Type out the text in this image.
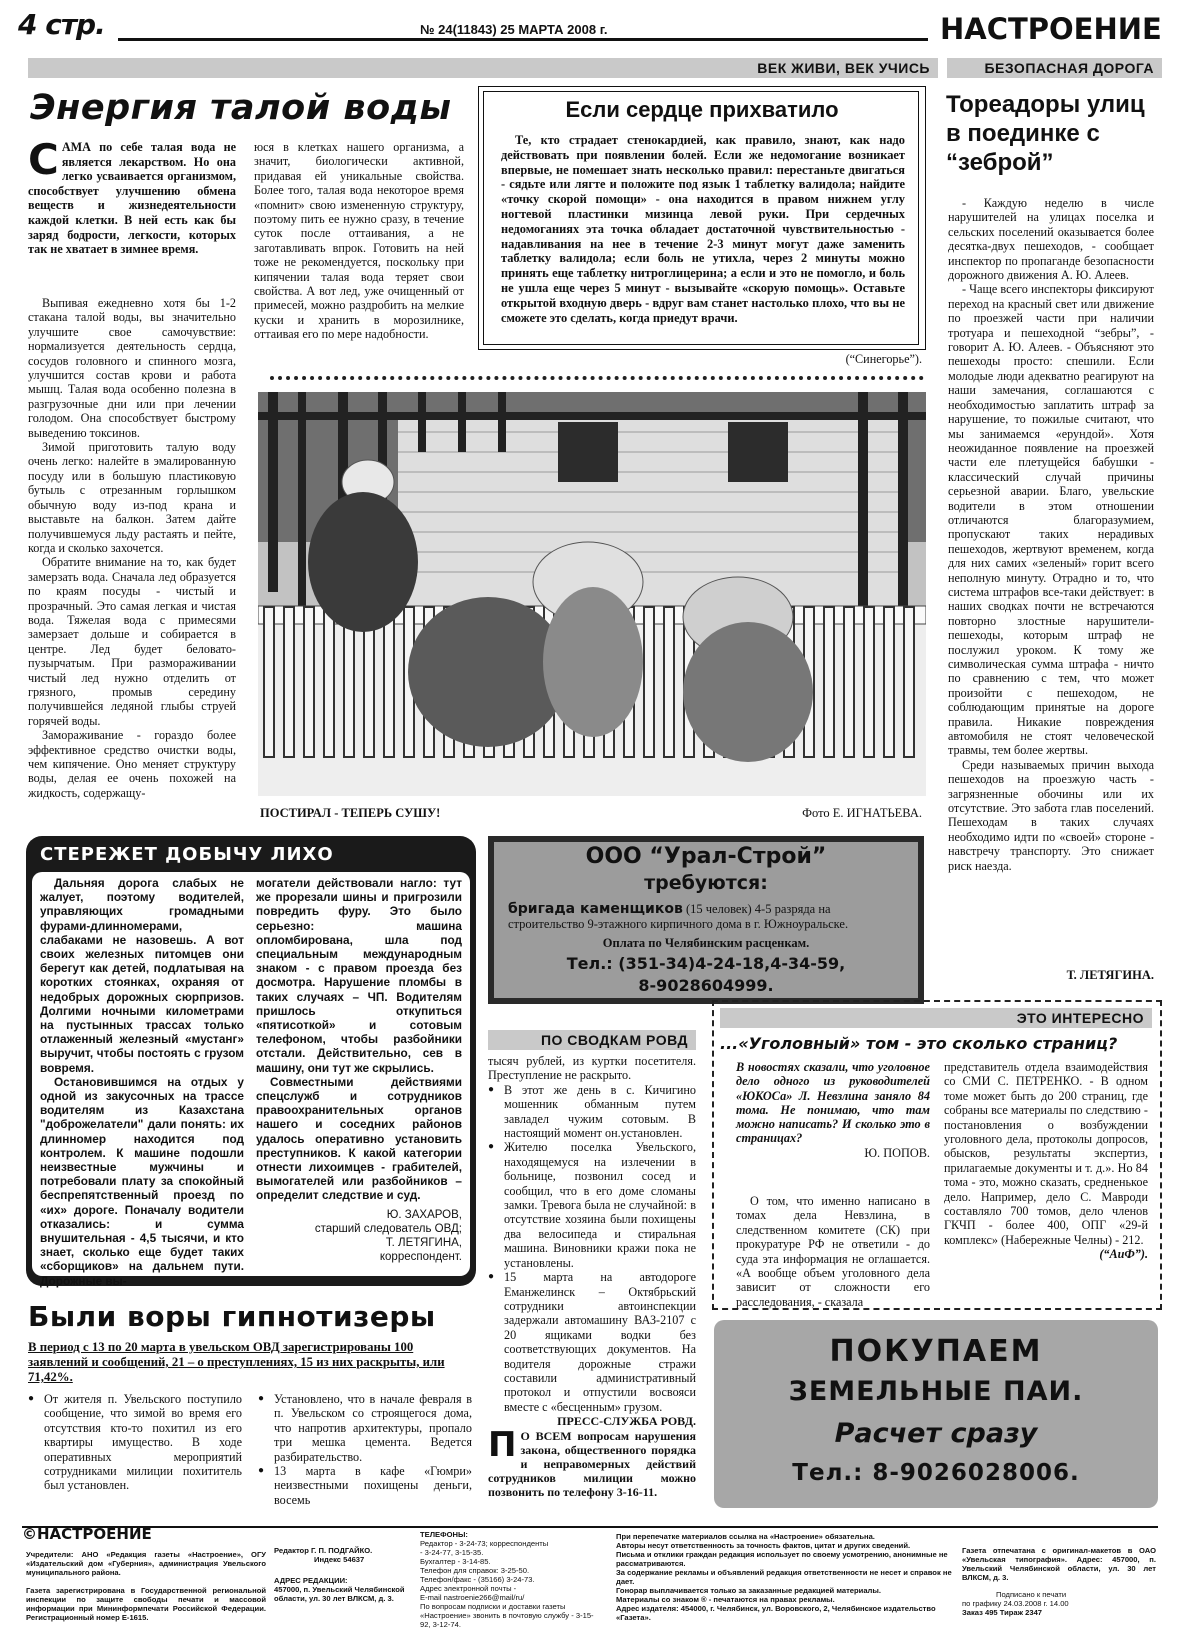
4 стр.	№ 24(11843) 25 МАРТА 2008 г.	НАСТРОЕНИЕ
ВЕК ЖИВИ, ВЕК УЧИСЬ	БЕЗОПАСНАЯ ДОРОГА
Энергия талой воды
САМА по себе талая вода не является лекарством. Но она легко усваивается организмом, способствует улучшению обмена веществ и жизнедеятельности каждой клетки. В ней есть как бы заряд бодрости, легкости, которых так не хватает в зимнее время.

Выпивая ежедневно хотя бы 1-2 стакана талой воды, вы значительно улучшите свое самочувствие: нормализуется деятельность сердца, сосудов головного и спинного мозга, улучшится состав крови и работа мышц. Талая вода особенно полезна в разгрузочные дни или при лечении голодом. Она способствует быстрому выведению токсинов.

Зимой приготовить талую воду очень легко: налейте в эмалированную посуду или в большую пластиковую бутыль с отрезанным горлышком обычную воду из-под крана и выставьте на балкон. Затем дайте получившемуся льду растаять и пейте, когда и сколько захочется.

Обратите внимание на то, как будет замерзать вода. Сначала лед образуется по краям посуды - чистый и прозрачный. Это самая легкая и чистая вода. Тяжелая вода с примесями замерзает дольше и собирается в центре. Лед будет беловато-пузырчатым. При размораживании чистый лед нужно отделить от грязного, промыв середину получившейся ледяной глыбы струей горячей воды.

Замораживание - гораздо более эффективное средство очистки воды, чем кипячение. Оно меняет структуру воды, делая ее очень похожей на жидкость, содержащу-

юся в клетках нашего организма, а значит, биологически активной, придавая ей уникальные свойства. Более того, талая вода некоторое время «помнит» свою измененную структуру, поэтому пить ее нужно сразу, в течение суток после оттаивания, а не заготавливать впрок. Готовить на ней тоже не рекомендуется, поскольку при кипячении талая вода теряет свои свойства. А вот лед, уже очищенный от примесей, можно раздробить на мелкие куски и хранить в морозилнике, оттаивая его по мере надобности.

Если сердце прихватило
Те, кто страдает стенокардией, как правило, знают, как надо действовать при появлении болей. Если же недомогание возникает впервые, не помешает знать несколько правил: перестаньте двигаться - сядьте или лягте и положите под язык 1 таблетку валидола; найдите «точку скорой помощи» - она находится в правом нижнем углу ногтевой пластинки мизинца левой руки. При сердечных недомоганиях эта точка обладает достаточной чувствительностью - надавливания на нее в течение 2-3 минут могут даже заменить таблетку валидола; если боль не утихла, через 2 минуты можно принять еще таблетку нитроглицерина; а если и это не помогло, и боль не ушла еще через 5 минут - вызывайте «скорую помощь». Оставьте открытой входную дверь - вдруг вам станет настолько плохо, что вы не сможете это сделать, когда приедут врачи.
(“Синегорье”).
ПОСТИРАЛ - ТЕПЕРЬ СУШУ!	Фото Е. ИГНАТЬЕВА.
Тореадоры улиц в поединке с “зеброй”

- Каждую неделю в числе нарушителей на улицах поселка и сельских поселений оказывается более десятка-двух пешеходов, - сообщает инспектор по пропаганде безопасности дорожного движения А. Ю. Алеев.

- Чаще всего инспекторы фиксируют переход на красный свет или движение по проезжей части при наличии тротуара и пешеходной “зебры”, - говорит А. Ю. Алеев. - Объясняют это пешеходы просто: спешили. Если молодые люди адекватно реагируют на наши замечания, соглашаются с необходимостью заплатить штраф за нарушение, то пожилые считают, что мы занимаемся «ерундой». Хотя неожиданное появление на проезжей части еле плетущейся бабушки - классический случай причины серьезной аварии. Благо, увельские водители в этом отношении отличаются благоразумием, пропускают таких нерадивых пешеходов, жертвуют временем, когда для них самих «зеленый» горит всего неполную минуту. Отрадно и то, что система штрафов все-таки действует: в наших сводках почти не встречаются повторно злостные нарушители-пешеходы, которым штраф не послужил уроком. К тому же символическая сумма штрафа - ничто по сравнению с тем, что может произойти с пешеходом, не соблюдающим принятые на дороге правила. Никакие повреждения автомобиля не стоят человеческой травмы, тем более жертвы.

Среди называемых причин выхода пешеходов на проезжую часть - загрязненные обочины или их отсутствие. Это забота глав поселений. Пешеходам в таких случаях необходимо идти по «своей» стороне - навстречу транспорту. Это снижает риск наезда.

Т. ЛЕТЯГИНА.
СТЕРЕЖЕТ ДОБЫЧУ ЛИХО

Дальняя дорога слабых не жалует, поэтому водителей, управляющих громадными фурами-длинномерами, слабаками не назовешь. А вот своих железных питомцев они берегут как детей, подлатывая на коротких стоянках, охраняя от недобрых дорожных сюрпризов. Долгими ночными километрами на пустынных трассах только отлаженный железный «мустанг» выручит, чтобы постоять с грузом вовремя.

Остановившимся на отдых у одной из закусочных на трассе водителям из Казахстана "доброжелатели" дали понять: их длинномер находится под контролем. К машине подошли неизвестные мужчины и потребовали плату за спокойный беспрепятственный проезд по «их» дороге. Поначалу водители отказались: и сумма внушительная - 4,5 тысячи, и кто знает, сколько еще будет таких «сборщиков» на дальнем пути. Дорожные вы-

могатели действовали нагло: тут же прорезали шины и пригрозили повредить фуру. Это было серьезно: машина опломбирована, шла под специальным международным знаком - с правом проезда без досмотра. Нарушение пломбы в таких случаях – ЧП. Водителям пришлось откупиться «пятисоткой» и сотовым телефоном, чтобы разбойники отстали. Действительно, сев в машину, они тут же скрылись.

Совместными действиями спецслужб и сотрудников правоохранительных органов нашего и соседних районов удалось оперативно установить преступников. К какой категории отнести лихоимцев - грабителей, вымогателей или разбойников – определит следствие и суд.

Ю. ЗАХАРОВ,
старший следователь ОВД;
Т. ЛЕТЯГИНА,
корреспондент.
ООО “Урал-Строй”
требуются:
бригада каменщиков (15 человек) 4-5 разряда на строительство 9-этажного кирпичного дома в г. Южноуральске.
Оплата по Челябинским расценкам.
Тел.: (351-34)4-24-18,4-34-59,
8-9028604999.
ПО СВОДКАМ РОВД

тысяч рублей, из куртки посетителя. Преступление не раскрыто.

● В этот же день в с. Кичигино мошенник обманным путем завладел чужим сотовым. В настоящий момент он.установлен.
● Жителю поселка Увельского, находящемуся на излечении в больнице, позвонил сосед и сообщил, что в его доме сломаны замки. Тревога была не случайной: в отсутствие хозяина были похищены два велосипеда и стиральная машина. Виновники кражи пока не установлены.
● 15 марта на автодороге Еманжелинск – Октябрьский сотрудники автоинспекции задержали автомашину ВАЗ-2107 с 20 ящиками водки без соответствующих документов. На водителя дорожные стражи составили административный протокол и отпустили восвояси вместе с «бесценным» грузом.
ПРЕСС-СЛУЖБА РОВД.
П О ВСЕМ вопросам нарушения закона, общественного порядка и неправомерных действий сотрудников милиции можно позвонить по телефону 3-16-11.
Были воры гипнотизеры
В период с 13 по 20 марта в увельском ОВД зарегистрированы 100 заявлений и сообщений, 21 – о преступлениях, 15 из них раскрыты, или 71,42%.
● От жителя п. Увельского поступило сообщение, что зимой во время его отсутствия кто-то похитил из его квартиры имущество. В ходе оперативных мероприятий сотрудниками милиции похититель был установлен.
● Установлено, что в начале февраля в п. Увельском со строящегося дома, что напротив архитектуры, пропало три мешка цемента. Ведется разбирательство.
● 13 марта в кафе «Гюмри» неизвестными похищены деньги, восемь
ЭТО ИНТЕРЕСНО
...«Уголовный» том - это сколько страниц?
В новостях сказали, что уголовное дело одного из руководителей «ЮКОСа» Л. Невзлина заняло 84 тома. Не понимаю, что там можно написать? И сколько это в страницах?
Ю. ПОПОВ.
О том, что именно написано в томах дела Невзлина, в следственном комитете (СК) при прокуратуре РФ не ответили - до суда эта информация не оглашается. «А вообще объем уголовного дела зависит от сложности его расследования, - сказала
представитель отдела взаимодействия со СМИ С. ПЕТРЕНКО. - В одном томе может быть до 200 страниц, где собраны все материалы по следствию - постановления о возбуждении уголовного дела, протоколы допросов, обысков, результаты экспертиз, прилагаемые документы и т. д.». Но 84 тома - это, можно сказать, средненькое дело. Например, дело С. Мавроди составляло 700 томов, дело членов ГКЧП - более 400, ОПГ «29-й комплекс» (Набережные Челны) - 212.
(“АиФ”).
ПОКУПАЕМ
ЗЕМЕЛЬНЫЕ ПАИ.
Расчет сразу
Тел.: 8-9026028006.
©НАСТРОЕНИЕ
Учредители: АНО «Редакция газеты «Настроение», ОГУ «Издательский дом «Губерния», администрация Увельского муниципального района.
Газета зарегистрирована в Государственной региональной инспекции по защите свободы печати и массовой информации при Мининформпечати Российской Федерации. Регистрационный номер Е-1615.
Редактор Г. П. ПОДГАЙКО.
Индекс 54637
АДРЕС РЕДАКЦИИ:
457000, п. Увельский Челябинской области, ул. 30 лет ВЛКСМ, д. 3.
ТЕЛЕФОНЫ:
Редактор - 3-24-73; корреспонденты
- 3-24-77, 3-15-35.
Бухгалтер - 3-14-85.
Телефон для справок: 3-25-50.
Телефон/факс - (35166) 3-24-73.
Адрес электронной почты -
E-mail nastroenie266@mail/ru/
По вопросам подписки и доставки газеты «Настроение» звонить в почтовую службу - 3-15-92, 3-12-74.
При перепечатке материалов ссылка на «Настроение» обязательна.
Авторы несут ответственность за точность фактов, цитат и других сведений.
Письма и отклики граждан редакция использует по своему усмотрению, анонимные не рассматриваются.
За содержание рекламы и объявлений редакция ответственности не несет и справок не дает.
Гонорар выплачивается только за заказанные редакцией материалы.
Материалы со знаком ® - печатаются на правах рекламы.
Адрес издателя: 454000, г. Челябинск, ул. Воровского, 2, Челябинское издательство «Газета».
Газета отпечатана с оригинал-макетов в ОАО «Увельская типография». Адрес: 457000, п. Увельский Челябинской области, ул. 30 лет ВЛКСМ, д. 3.
Подписано к печати
по графику 24.03.2008 г. 14.00
Заказ 495 Тираж 2347
